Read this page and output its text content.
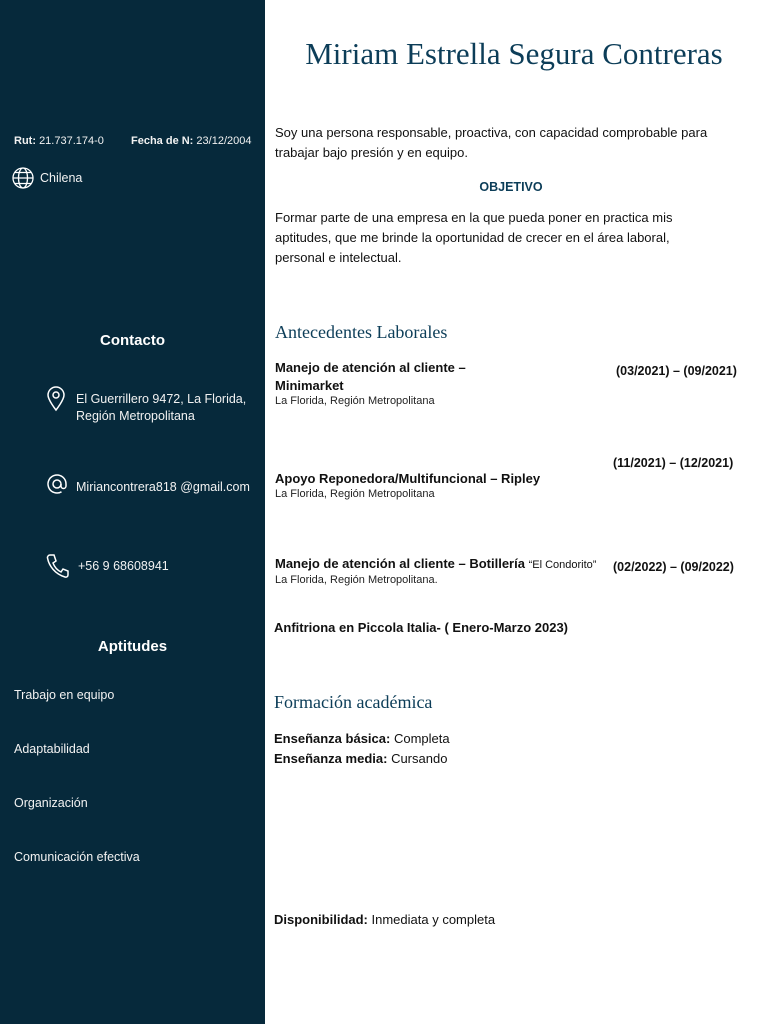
Rut: 21.737.174-0 Fecha de N: 23/12/2004
Chilena
Contacto
El Guerrillero 9472, La Florida,
Región Metropolitana
Miriancontrera818 @gmail.com
+56 9 68608941
Aptitudes
Trabajo en equipo
Adaptabilidad
Organización
Comunicación efectiva
Miriam Estrella Segura Contreras
Soy una persona responsable, proactiva, con capacidad comprobable para trabajar bajo presión y en equipo.
OBJETIVO
Formar parte de una empresa en la que pueda poner en practica mis aptitudes, que me brinde la oportunidad de crecer en el área laboral, personal e intelectual.
Antecedentes Laborales
Manejo de atención al cliente – Minimarket
La Florida, Región Metropolitana
(03/2021) – (09/2021)
(11/2021) – (12/2021)
Apoyo Reponedora/Multifuncional – Ripley
La Florida, Región Metropolitana
Manejo de atención al cliente – Botillería “El Condorito”
La Florida, Región Metropolitana.
(02/2022) – (09/2022)
Anfitriona en Piccola Italia- ( Enero-Marzo 2023)
Formación académica
Enseñanza básica: Completa
Enseñanza media: Cursando
Disponibilidad: Inmediata y completa
